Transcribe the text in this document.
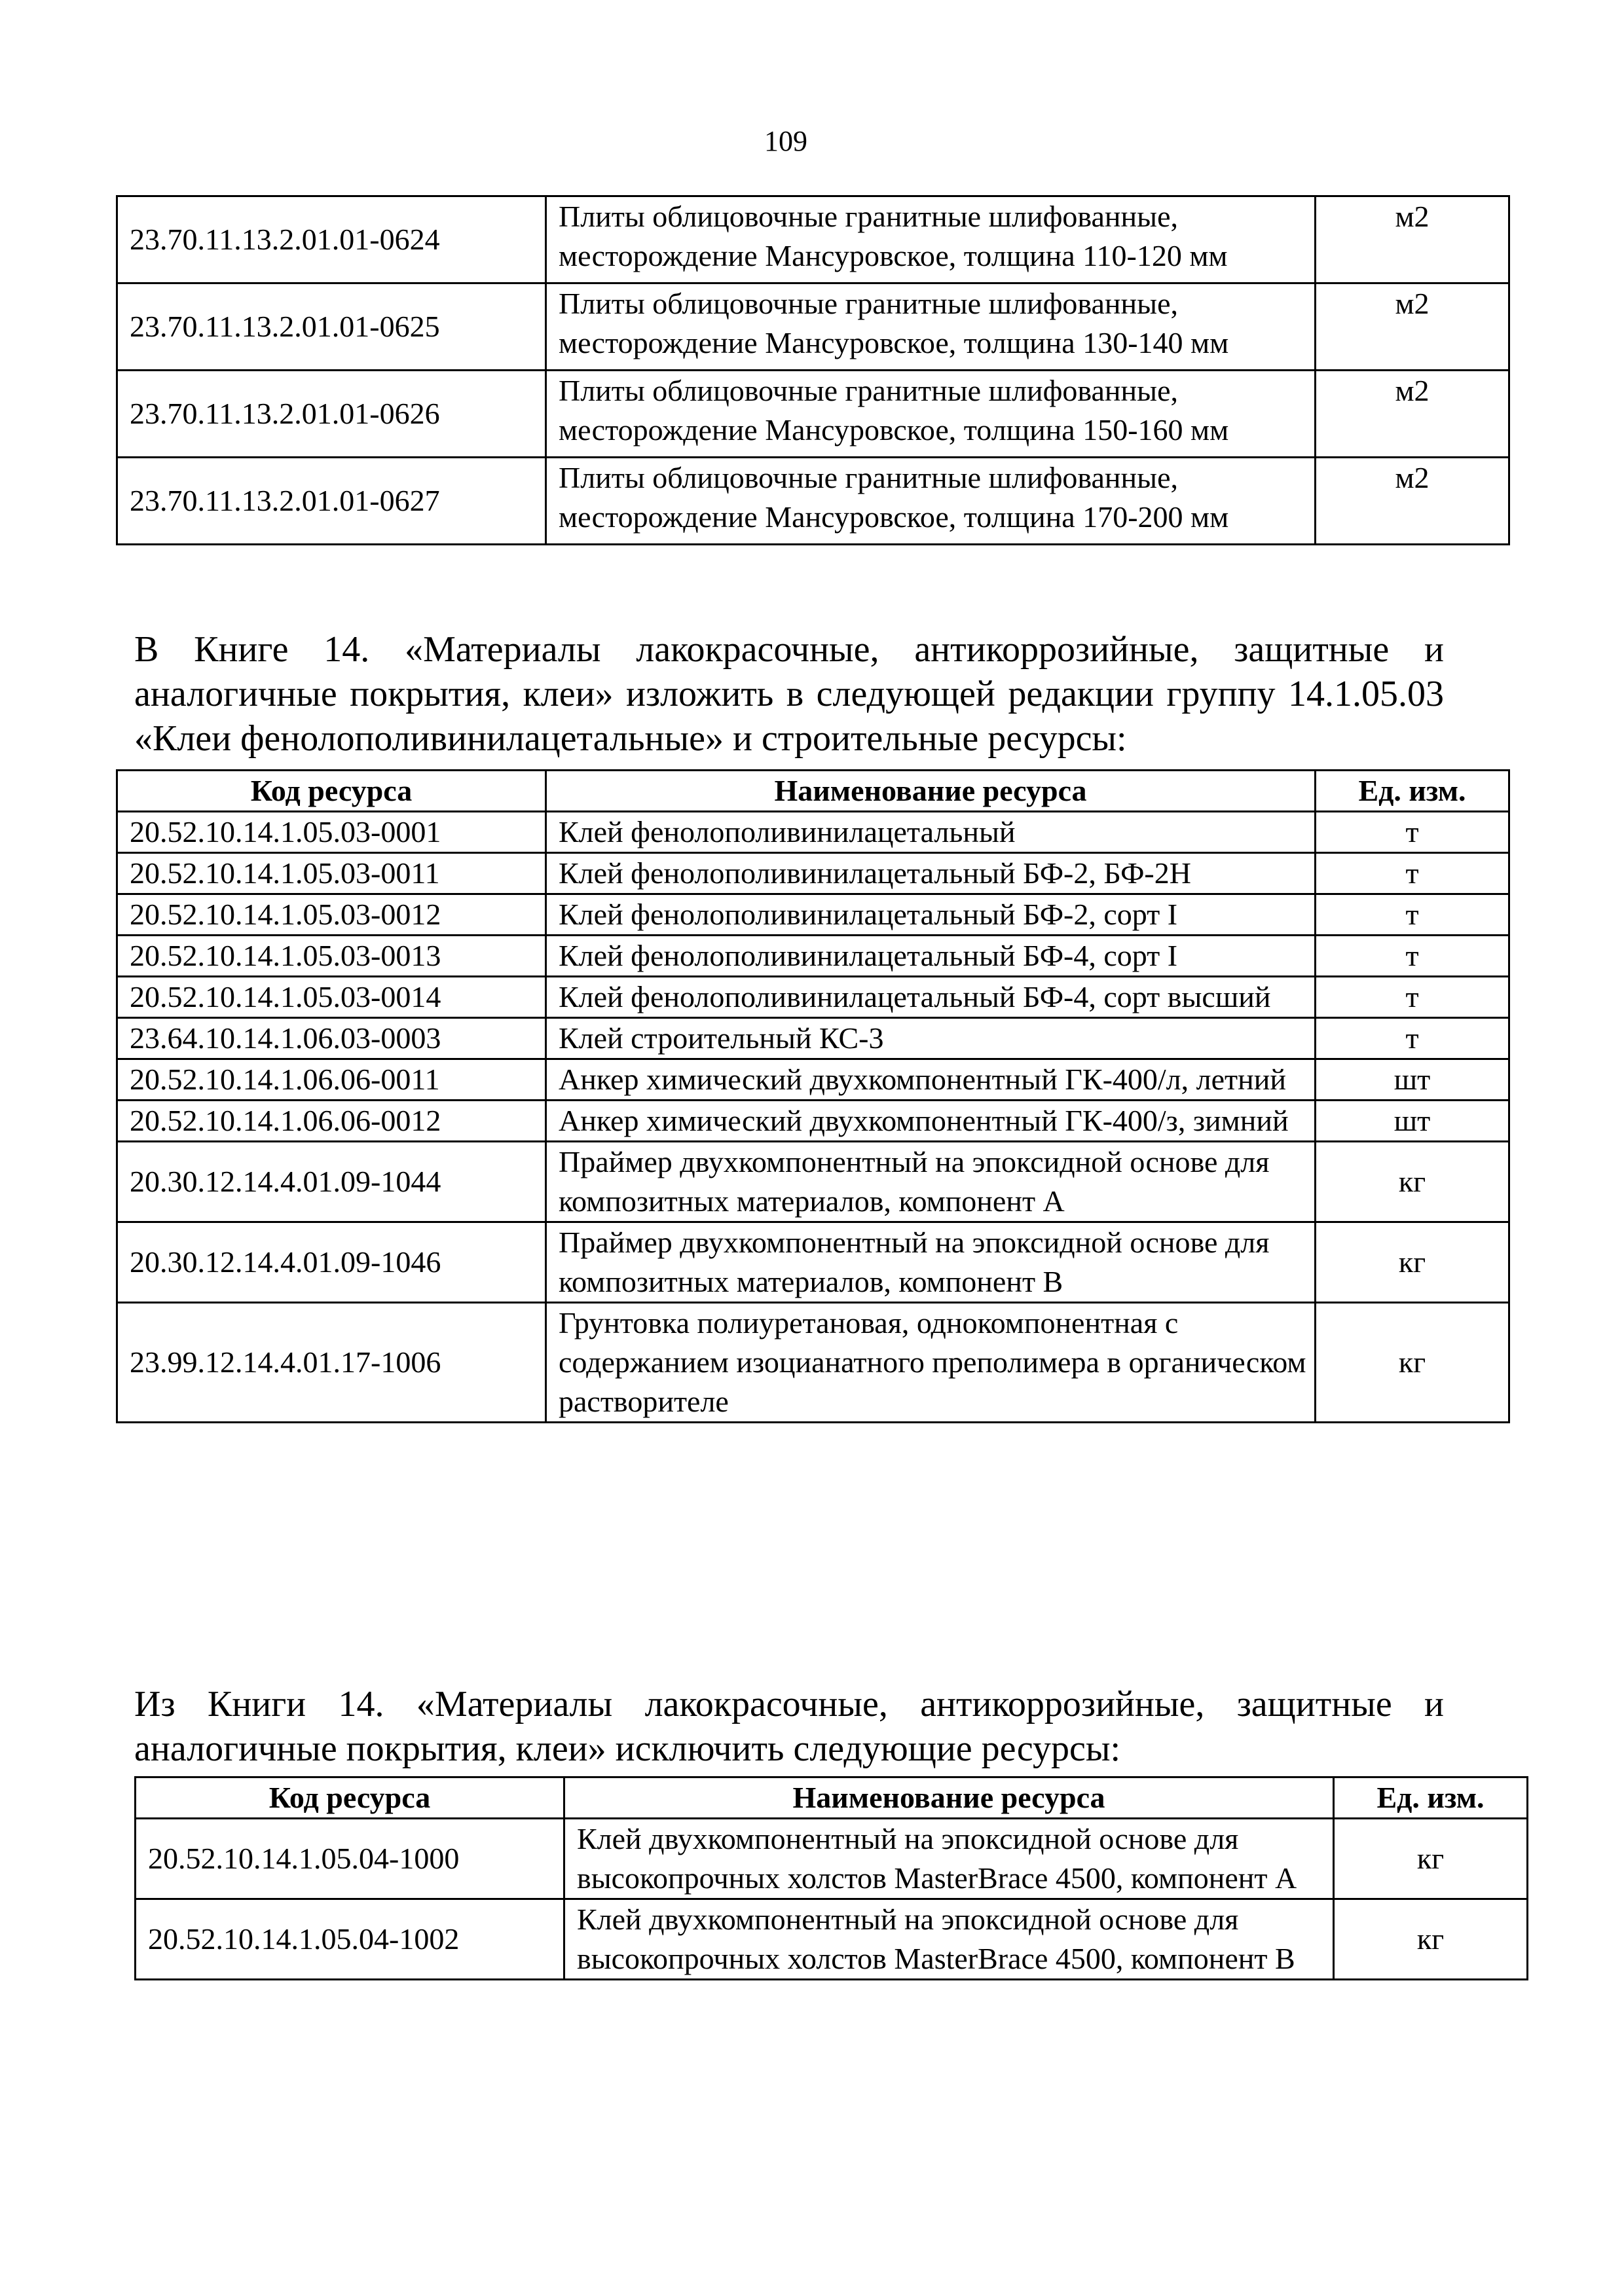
109
23.70.11.13.2.01.01-0624	Плиты облицовочные гранитные шлифованные, месторождение Мансуровское, толщина 110-120 мм	м2
23.70.11.13.2.01.01-0625	Плиты облицовочные гранитные шлифованные, месторождение Мансуровское, толщина 130-140 мм	м2
23.70.11.13.2.01.01-0626	Плиты облицовочные гранитные шлифованные, месторождение Мансуровское, толщина 150-160 мм	м2
23.70.11.13.2.01.01-0627	Плиты облицовочные гранитные шлифованные, месторождение Мансуровское, толщина 170-200 мм	м2

В Книге 14. «Материалы лакокрасочные, антикоррозийные, защитные и аналогичные покрытия, клеи» изложить в следующей редакции группу 14.1.05.03 «Клеи фенолополивинилацетальные» и строительные ресурсы:

Код ресурса	Наименование ресурса	Ед. изм.
20.52.10.14.1.05.03-0001	Клей фенолополивинилацетальный	т
20.52.10.14.1.05.03-0011	Клей фенолополивинилацетальный БФ-2, БФ-2Н	т
20.52.10.14.1.05.03-0012	Клей фенолополивинилацетальный БФ-2, сорт I	т
20.52.10.14.1.05.03-0013	Клей фенолополивинилацетальный БФ-4, сорт I	т
20.52.10.14.1.05.03-0014	Клей фенолополивинилацетальный БФ-4, сорт высший	т
23.64.10.14.1.06.03-0003	Клей строительный КС-3	т
20.52.10.14.1.06.06-0011	Анкер химический двухкомпонентный ГК-400/л, летний	шт
20.52.10.14.1.06.06-0012	Анкер химический двухкомпонентный ГК-400/з, зимний	шт
20.30.12.14.4.01.09-1044	Праймер двухкомпонентный на эпоксидной основе для композитных материалов, компонент А	кг
20.30.12.14.4.01.09-1046	Праймер двухкомпонентный на эпоксидной основе для композитных материалов, компонент В	кг
23.99.12.14.4.01.17-1006	Грунтовка полиуретановая, однокомпонентная с содержанием изоцианатного преполимера в органическом растворителе	кг

Из Книги 14. «Материалы лакокрасочные, антикоррозийные, защитные и аналогичные покрытия, клеи» исключить следующие ресурсы:

Код ресурса	Наименование ресурса	Ед. изм.
20.52.10.14.1.05.04-1000	Клей двухкомпонентный на эпоксидной основе для высокопрочных холстов MasterBrace 4500, компонент А	кг
20.52.10.14.1.05.04-1002	Клей двухкомпонентный на эпоксидной основе для высокопрочных холстов MasterBrace 4500, компонент В	кг
